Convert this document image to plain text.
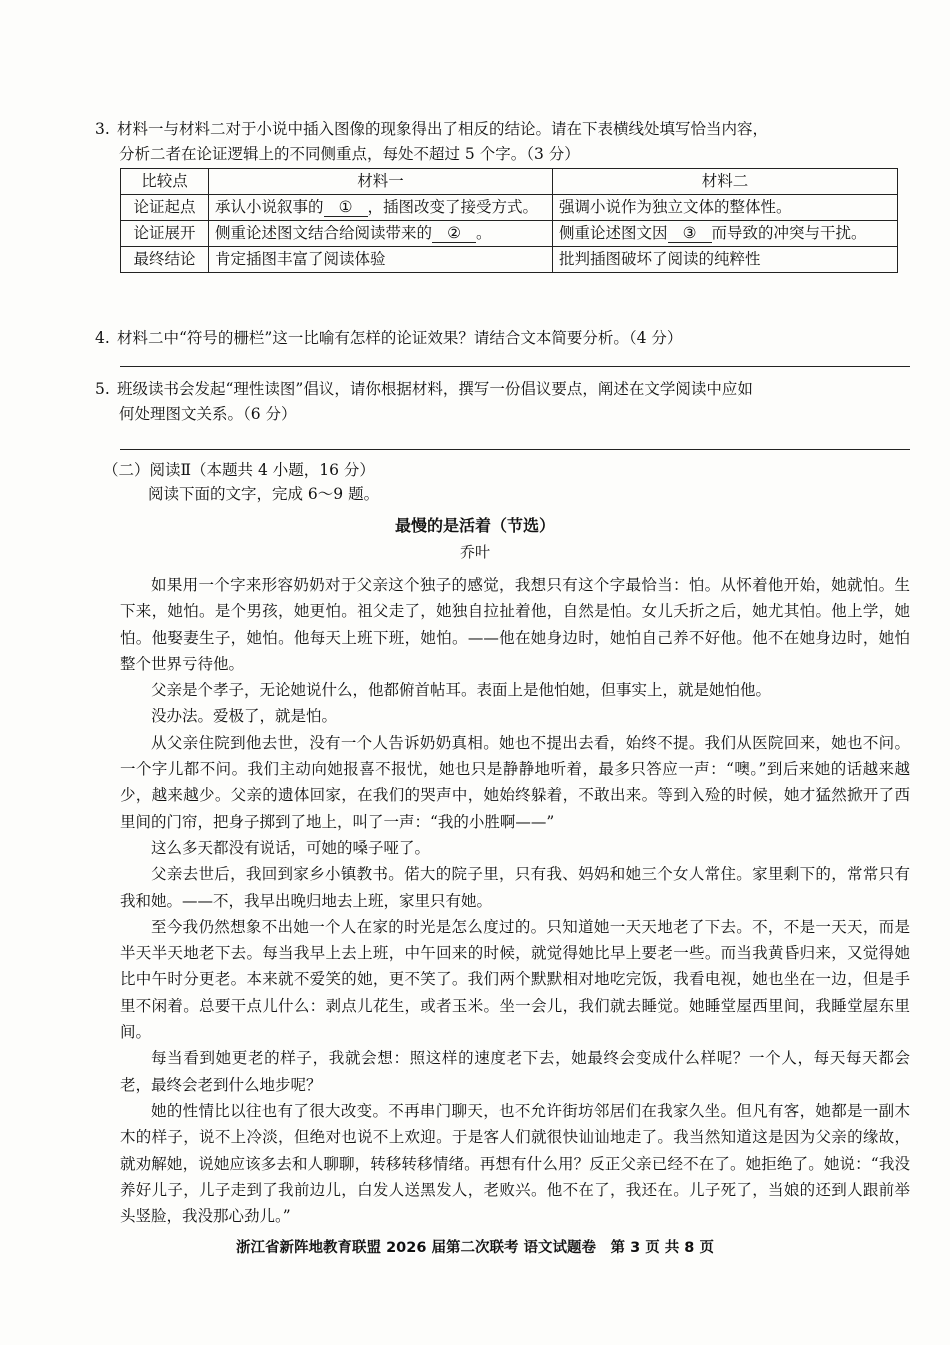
3. 材料一与材料二对于小说中插入图像的现象得出了相反的结论。请在下表横线处填写恰当内容，
分析二者在论证逻辑上的不同侧重点，每处不超过 5 个字。（3 分）
比较点	材料一	材料二
论证起点	承认小说叙事的 ① ，插图改变了接受方式。	强调小说作为独立文体的整体性。
论证展开	侧重论述图文结合给阅读带来的 ② 。	侧重论述图文因 ③ 而导致的冲突与干扰。
最终结论	肯定插图丰富了阅读体验	批判插图破坏了阅读的纯粹性
4. 材料二中“符号的栅栏”这一比喻有怎样的论证效果？请结合文本简要分析。（4 分）
5. 班级读书会发起“理性读图”倡议，请你根据材料，撰写一份倡议要点，阐述在文学阅读中应如
何处理图文关系。（6 分）
（二）阅读Ⅱ（本题共 4 小题，16 分）
阅读下面的文字，完成 6～9 题。
最慢的是活着（节选）
乔叶

如果用一个字来形容奶奶对于父亲这个独子的感觉，我想只有这个字最恰当：怕。从怀着他开始，她就怕。生下来，她怕。是个男孩，她更怕。祖父走了，她独自拉扯着他，自然是怕。女儿夭折之后，她尤其怕。他上学，她怕。他娶妻生子，她怕。他每天上班下班，她怕。——他在她身边时，她怕自己养不好他。他不在她身边时，她怕整个世界亏待他。

父亲是个孝子，无论她说什么，他都俯首帖耳。表面上是他怕她，但事实上，就是她怕他。

没办法。爱极了，就是怕。

从父亲住院到他去世，没有一个人告诉奶奶真相。她也不提出去看，始终不提。我们从医院回来，她也不问。一个字儿都不问。我们主动向她报喜不报忧，她也只是静静地听着，最多只答应一声：“噢。”到后来她的话越来越少，越来越少。父亲的遗体回家，在我们的哭声中，她始终躲着，不敢出来。等到入殓的时候，她才猛然掀开了西里间的门帘，把身子掷到了地上，叫了一声：“我的小胜啊——”

这么多天都没有说话，可她的嗓子哑了。

父亲去世后，我回到家乡小镇教书。偌大的院子里，只有我、妈妈和她三个女人常住。家里剩下的，常常只有我和她。——不，我早出晚归地去上班，家里只有她。

至今我仍然想象不出她一个人在家的时光是怎么度过的。只知道她一天天地老了下去。不，不是一天天，而是半天半天地老下去。每当我早上去上班，中午回来的时候，就觉得她比早上要老一些。而当我黄昏归来，又觉得她比中午时分更老。本来就不爱笑的她，更不笑了。我们两个默默相对地吃完饭，我看电视，她也坐在一边，但是手里不闲着。总要干点儿什么：剥点儿花生，或者玉米。坐一会儿，我们就去睡觉。她睡堂屋西里间，我睡堂屋东里间。

每当看到她更老的样子，我就会想：照这样的速度老下去，她最终会变成什么样呢？一个人，每天每天都会老，最终会老到什么地步呢？

她的性情比以往也有了很大改变。不再串门聊天，也不允许街坊邻居们在我家久坐。但凡有客，她都是一副木木的样子，说不上冷淡，但绝对也说不上欢迎。于是客人们就很快讪讪地走了。我当然知道这是因为父亲的缘故，就劝解她，说她应该多去和人聊聊，转移转移情绪。再想有什么用？反正父亲已经不在了。她拒绝了。她说：“我没养好儿子，儿子走到了我前边儿，白发人送黑发人，老败兴。他不在了，我还在。儿子死了，当娘的还到人跟前举头竖脸，我没那心劲儿。”

浙江省新阵地教育联盟 2026 届第二次联考 语文试题卷　第 3 页 共 8 页
